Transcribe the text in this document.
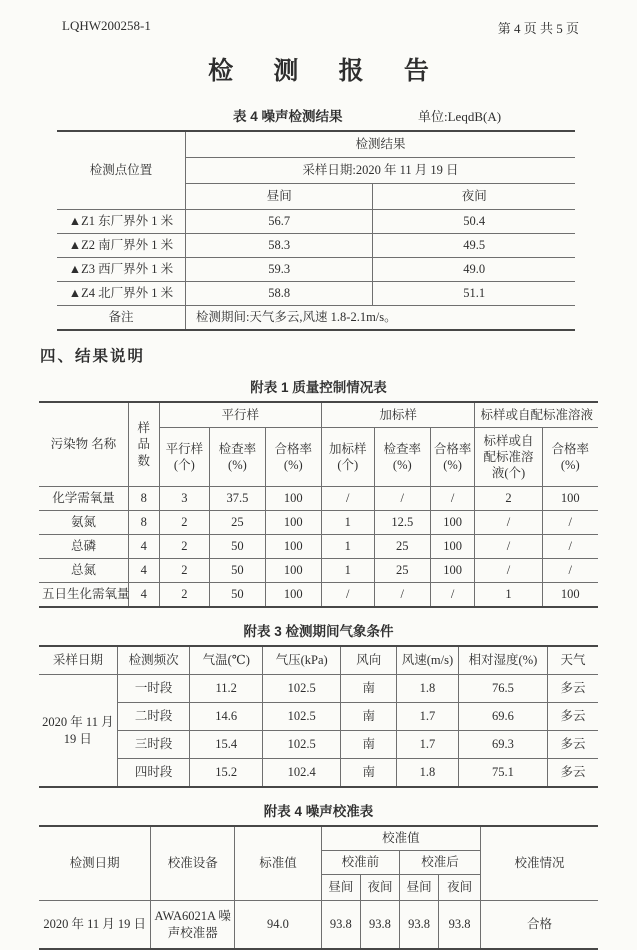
LQHW200258-1	第 4 页 共 5 页
检 测 报 告
表 4 噪声检测结果	单位:LeqdB(A)
检测点位置	检测结果	
	采样日期:2020 年 11 月 19 日	
	昼间	夜间
▲Z1 东厂界外 1 米	56.7	50.4
▲Z2 南厂界外 1 米	58.3	49.5
▲Z3 西厂界外 1 米	59.3	49.0
▲Z4 北厂界外 1 米	58.8	51.1
备注	检测期间:天气多云,风速 1.8-2.1m/s。	
四、结果说明
附表 1 质量控制情况表
污染物 名称	样品数	平行样			加标样			标样或自配标准溶液	
		平行样 (个)	检查率 (%)	合格率 (%)	加标样 (个)	检查率 (%)	合格率 (%)	标样或自配标准溶液(个)	合格率 (%)
化学需氧量	8	3	37.5	100	/	/	/	2	100
氨氮	8	2	25	100	1	12.5	100	/	/
总磷	4	2	50	100	1	25	100	/	/
总氮	4	2	50	100	1	25	100	/	/
五日生化需氧量	4	2	50	100	/	/	/	1	100
附表 3 检测期间气象条件
采样日期	检测频次	气温(℃)	气压(kPa)	风向	风速(m/s)	相对湿度(%)	天气
2020 年 11 月 19 日	一时段	11.2	102.5	南	1.8	76.5	多云
	二时段	14.6	102.5	南	1.7	69.6	多云
	三时段	15.4	102.5	南	1.7	69.3	多云
	四时段	15.2	102.4	南	1.8	75.1	多云
附表 4 噪声校准表
检测日期	校准设备	标准值	校准值				校准情况
			校准前		校准后		
			昼间	夜间	昼间	夜间	
2020 年 11 月 19 日	AWA6021A 噪声校准器	94.0	93.8	93.8	93.8	93.8	合格
